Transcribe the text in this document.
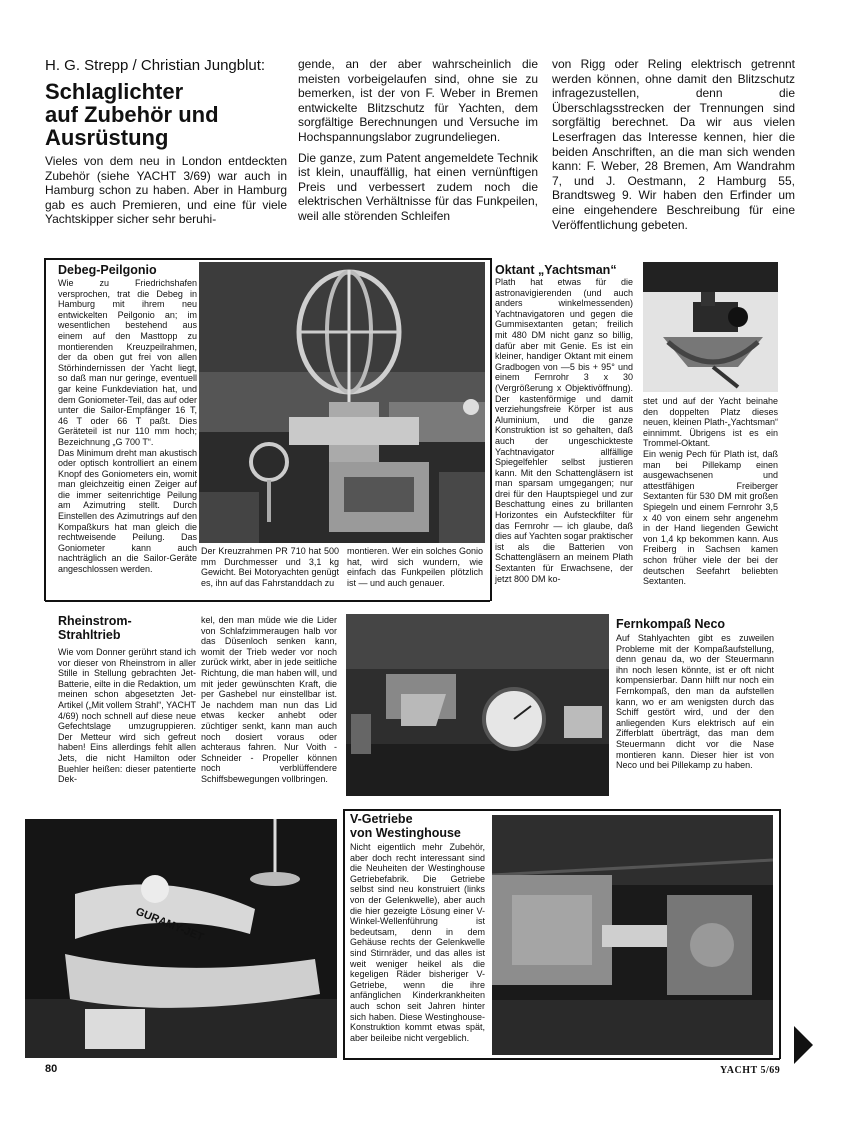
H. G. Strepp / Christian Jungblut:
Schlaglichter
auf Zubehör und
Ausrüstung
Vieles von dem neu in London entdeckten Zubehör (siehe YACHT 3/69) war auch in Hamburg schon zu haben. Aber in Hamburg gab es auch Premieren, und eine für viele Yachtskipper sicher sehr beruhi-
gende, an der aber wahrscheinlich die meisten vorbeigelaufen sind, ohne sie zu bemerken, ist der von F. Weber in Bremen entwickelte Blitzschutz für Yachten, dem sorgfältige Berechnungen und Versuche im Hochspannungslabor zugrundeliegen.
Die ganze, zum Patent angemeldete Technik ist klein, unauffällig, hat einen vernünftigen Preis und verbessert zudem noch die elektrischen Verhältnisse für das Funkpeilen, weil alle störenden Schleifen
von Rigg oder Reling elektrisch getrennt werden können, ohne damit den Blitzschutz infragezustellen, denn die Überschlagsstrecken der Trennungen sind sorgfältig berechnet. Da wir aus vielen Leserfragen das Interesse kennen, hier die beiden Anschriften, an die man sich wenden kann: F. Weber, 28 Bremen, Am Wandrahm 7, und J. Oestmann, 2 Hamburg 55, Brandtsweg 9. Wir haben den Erfinder um eine eingehendere Beschreibung für eine Veröffentlichung gebeten.
Debeg-Peilgonio
Wie zu Friedrichshafen versprochen, trat die Debeg in Hamburg mit ihrem neu entwickelten Peilgonio an; im wesentlichen bestehend aus einem auf den Masttopp zu montierenden Kreuzpeilrahmen, der da oben gut frei von allen Störhindernissen der Yacht liegt, so daß man nur geringe, eventuell gar keine Funkdeviation hat, und dem Goniometer-Teil, das auf oder unter die Sailor-Empfänger 16 T, 46 T oder 66 T paßt. Dies Geräteteil ist nur 110 mm hoch; Bezeichnung „G 700 T“.
Das Minimum dreht man akustisch oder optisch kontrolliert an einem Knopf des Goniometers ein, womit man gleichzeitig einen Zeiger auf die immer seitenrichtige Peilung am Azimutring stellt. Durch Einstellen des Azimutrings auf den Kompaßkurs hat man gleich die rechtweisende Peilung. Das Goniometer kann auch nachträglich an die Sailor-Geräte angeschlossen werden.
Der Kreuzrahmen PR 710 hat 500 mm Durchmesser und 3,1 kg Gewicht. Bei Motoryachten genügt es, ihn auf das Fahrstanddach zu
montieren. Wer ein solches Gonio hat, wird sich wundern, wie einfach das Funkpeilen plötzlich ist — und auch genauer.
Oktant „Yachtsman“
Plath hat etwas für die astronavigierenden (und auch anders winkelmessenden) Yachtnavigatoren und gegen die Gummisextanten getan; freilich mit 480 DM nicht ganz so billig, dafür aber mit Genie. Es ist ein kleiner, handiger Oktant mit einem Gradbogen von —5 bis + 95° und einem Fernrohr 3 x 30 (Vergrößerung x Objektivöffnung). Der kastenförmige und damit verziehungsfreie Körper ist aus Aluminium, und die ganze Konstruktion ist so gehalten, daß auch der ungeschickteste Yachtnavigator allfällige Spiegelfehler selbst justieren kann. Mit den Schattengläsern ist man sparsam umgegangen; nur drei für den Hauptspiegel und zur Beschattung eines zu brillanten Horizontes ein Aufsteckfilter für das Fernrohr — ich glaube, daß dies auf Yachten sogar praktischer ist als die Batterien von Schattengläsern an meinem Plath Sextanten für Erwachsene, der jetzt 800 DM ko-
stet und auf der Yacht beinahe den doppelten Platz dieses neuen, kleinen Plath-„Yachtsman“ einnimmt. Übrigens ist es ein Trommel-Oktant.
Ein wenig Pech für Plath ist, daß man bei Pillekamp einen ausgewachsenen und attestfähigen Freiberger Sextanten für 530 DM mit großen Spiegeln und einem Fernrohr 3,5 x 40 von einem sehr angenehm in der Hand liegenden Gewicht von 1,4 kp bekommen kann. Aus Freiberg in Sachsen kamen schon früher viele der bei der deutschen Seefahrt beliebten Sextanten.
Rheinstrom-
Strahltrieb
Wie vom Donner gerührt stand ich vor dieser von Rheinstrom in aller Stille in Stellung gebrachten Jet-Batterie, eilte in die Redaktion, um meinen schon abgesetzten Jet-Artikel („Mit vollem Strahl“, YACHT 4/69) noch schnell auf diese neue Gefechtslage umzugruppieren. Der Metteur wird sich gefreut haben! Eins allerdings fehlt allen Jets, die nicht Hamilton oder Buehler heißen: dieser patentierte Dek-
kel, den man müde wie die Lider von Schlafzimmeraugen halb vor das Düsenloch senken kann, womit der Trieb weder vor noch zurück wirkt, aber in jede seitliche Richtung, die man haben will, und mit jeder gewünschten Kraft, die per Gashebel nur einstellbar ist. Je nachdem man nun das Lid etwas kecker anhebt oder züchtiger senkt, kann man auch noch dosiert voraus oder achteraus fahren. Nur Voith - Schneider - Propeller können noch verblüffendere Schiffsbewegungen vollbringen.
Fernkompaß Neco
Auf Stahlyachten gibt es zuweilen Probleme mit der Kompaßaufstellung, denn genau da, wo der Steuermann ihn noch lesen könnte, ist er oft nicht kompensierbar. Dann hilft nur noch ein Fernkompaß, den man da aufstellen kann, wo er am wenigsten durch das Schiff gestört wird, und der den anliegenden Kurs elektrisch auf ein Zifferblatt überträgt, das man dem Steuermann dicht vor die Nase montieren kann. Dieser hier ist von Neco und bei Pillekamp zu haben.
GURAMY-JET
V-Getriebe
von Westinghouse
Nicht eigentlich mehr Zubehör, aber doch recht interessant sind die Neuheiten der Westinghouse Getriebefabrik. Die Getriebe selbst sind neu konstruiert (links von der Gelenkwelle), aber auch die hier gezeigte Lösung einer V-Winkel-Wellenführung ist bedeutsam, denn in dem Gehäuse rechts der Gelenkwelle sind Stirnräder, und das alles ist weit weniger heikel als die kegeligen Räder bisheriger V-Getriebe, wenn die ihre anfänglichen Kinderkrankheiten auch schon seit Jahren hinter sich haben. Diese Westinghouse-Konstruktion kommt etwas spät, aber beileibe nicht vergeblich.
80	YACHT 5/69
